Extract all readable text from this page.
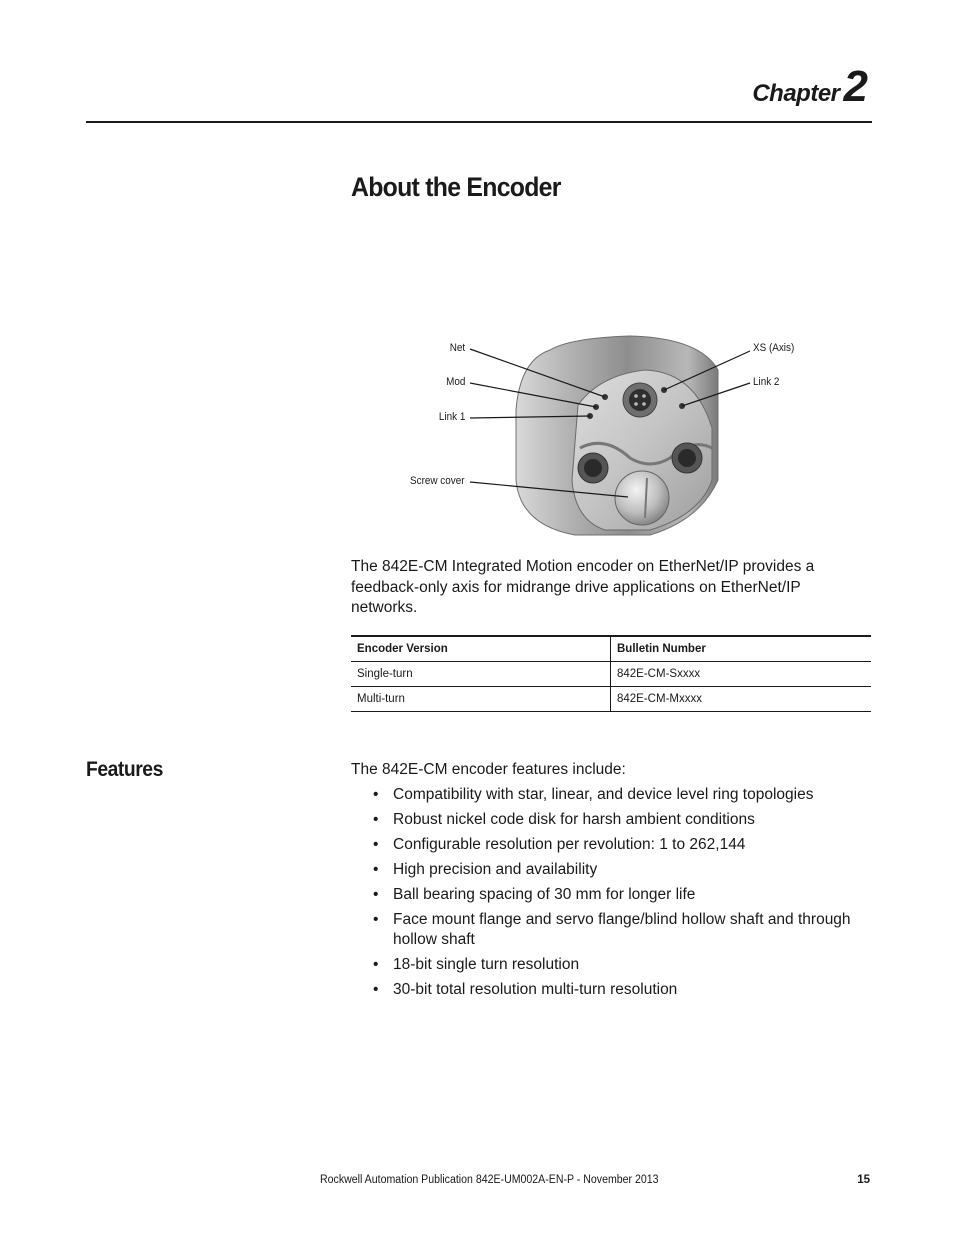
Chapter2
About the Encoder
Net
Mod
Link 1
Screw cover
XS (Axis)
Link 2

The 842E-CM Integrated Motion encoder on EtherNet/IP provides a feedback-only axis for midrange drive applications on EtherNet/IP networks.

Encoder Version	Bulletin Number
Single-turn	842E-CM-Sxxxx
Multi-turn	842E-CM-Mxxxx
Features	The 842E-CM encoder features include:

• Compatibility with star, linear, and device level ring topologies
• Robust nickel code disk for harsh ambient conditions
• Configurable resolution per revolution: 1 to 262,144
• High precision and availability
• Ball bearing spacing of 30 mm for longer life
• Face mount flange and servo flange/blind hollow shaft and through hollow shaft
• 18-bit single turn resolution
• 30-bit total resolution multi-turn resolution
Rockwell Automation Publication 842E-UM002A-EN-P - November 2013	15
